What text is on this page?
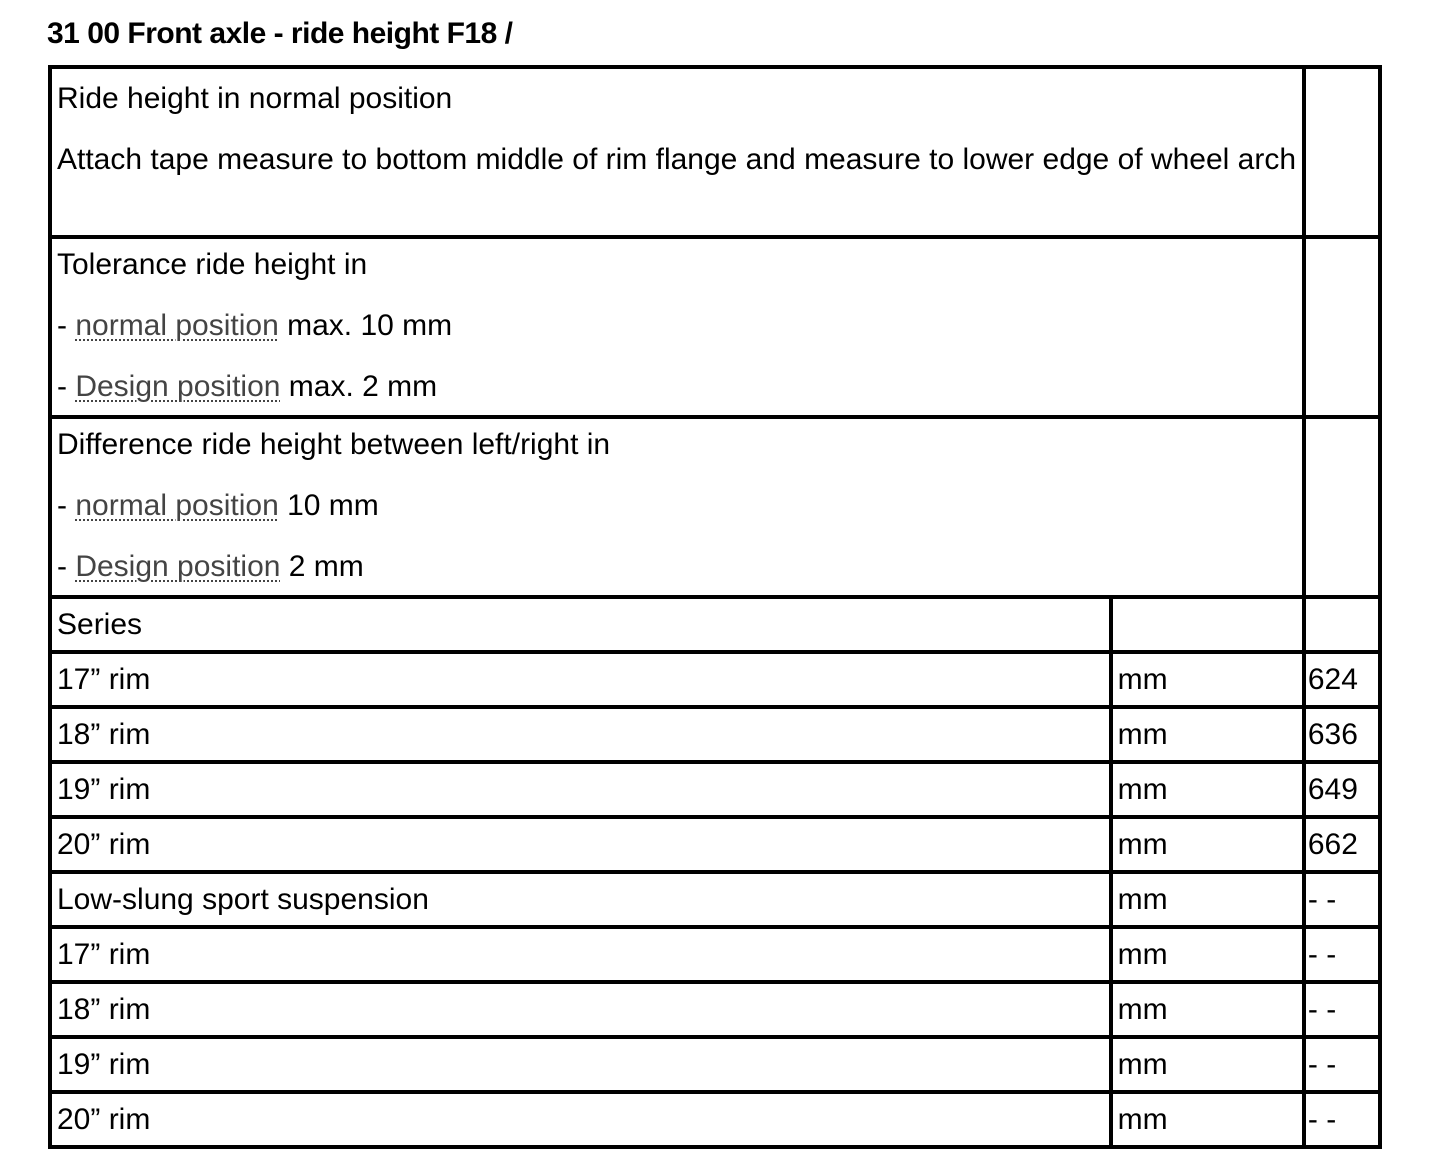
31 00 Front axle - ride height F18 /

Ride height in normal position

Attach tape measure to bottom middle of rim flange and measure to lower edge of wheel arch		

Tolerance ride height in

- normal position max. 10 mm

- Design position max. 2 mm		

Difference ride height between left/right in

- normal position 10 mm

- Design position 2 mm		

Series		
17” rim	mm	624
18” rim	mm	636
19” rim	mm	649
20” rim	mm	662
Low-slung sport suspension	mm	- -
17” rim	mm	- -
18” rim	mm	- -
19” rim	mm	- -
20” rim	mm	- -
